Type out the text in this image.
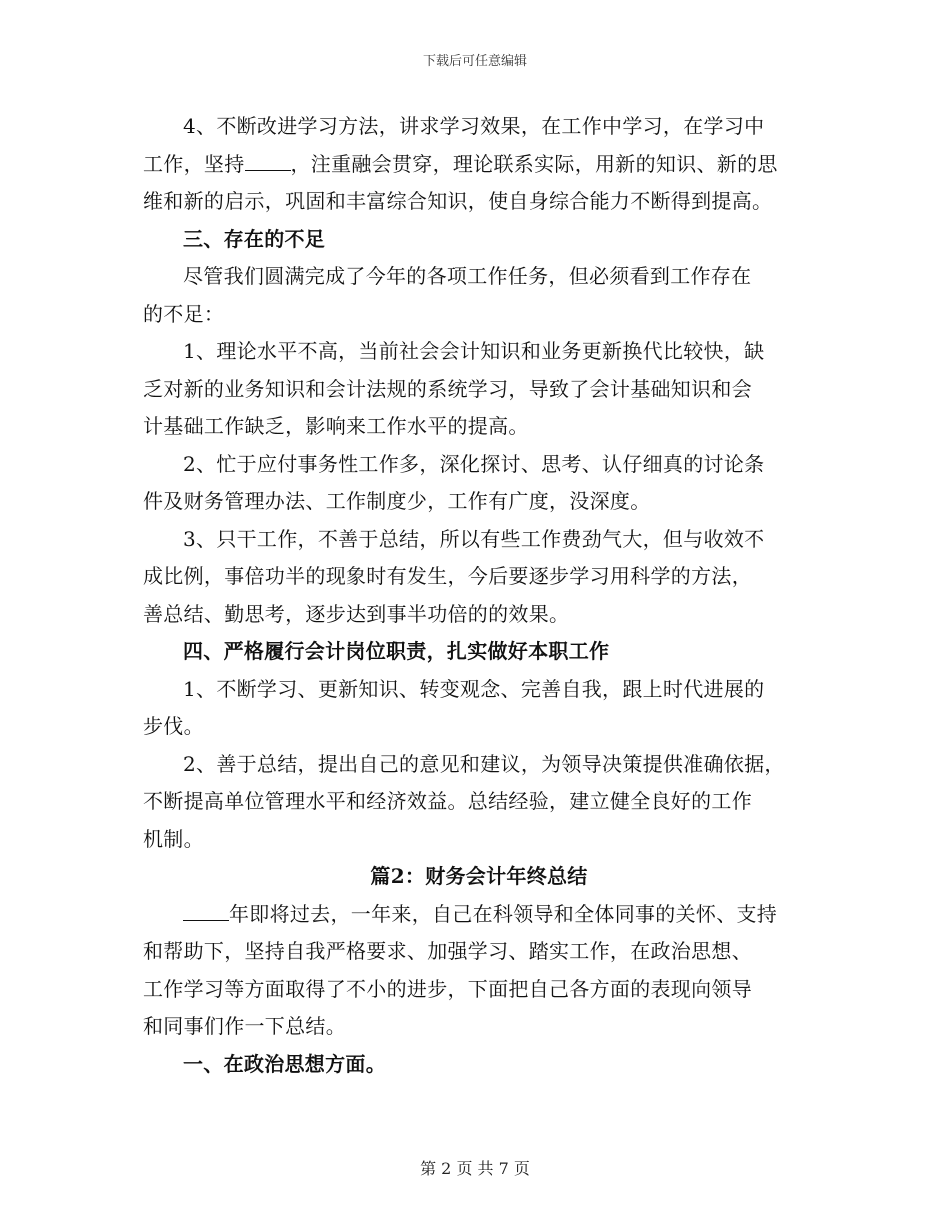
下载后可任意编辑

4、不断改进学习方法，讲求学习效果，在工作中学习，在学习中
工作，坚持 ，注重融会贯穿，理论联系实际，用新的知识、新的思
维和新的启示，巩固和丰富综合知识，使自身综合能力不断得到提高。

三、存在的不足

尽管我们圆满完成了今年的各项工作任务，但必须看到工作存在
的不足：

1、理论水平不高，当前社会会计知识和业务更新换代比较快，缺
乏对新的业务知识和会计法规的系统学习，导致了会计基础知识和会
计基础工作缺乏，影响来工作水平的提高。

2、忙于应付事务性工作多，深化探讨、思考、认仔细真的讨论条
件及财务管理办法、工作制度少，工作有广度，没深度。

3、只干工作，不善于总结，所以有些工作费劲气大，但与收效不
成比例，事倍功半的现象时有发生，今后要逐步学习用科学的方法，
善总结、勤思考，逐步达到事半功倍的的效果。

四、严格履行会计岗位职责，扎实做好本职工作

1、不断学习、更新知识、转变观念、完善自我，跟上时代进展的
步伐。

2、善于总结，提出自己的意见和建议，为领导决策提供准确依据，
不断提高单位管理水平和经济效益。总结经验，建立健全良好的工作
机制。

篇2：财务会计年终总结

年即将过去，一年来，自己在科领导和全体同事的关怀、支持
和帮助下，坚持自我严格要求、加强学习、踏实工作，在政治思想、
工作学习等方面取得了不小的进步，下面把自己各方面的表现向领导
和同事们作一下总结。

一、在政治思想方面。

第 2 页 共 7 页
